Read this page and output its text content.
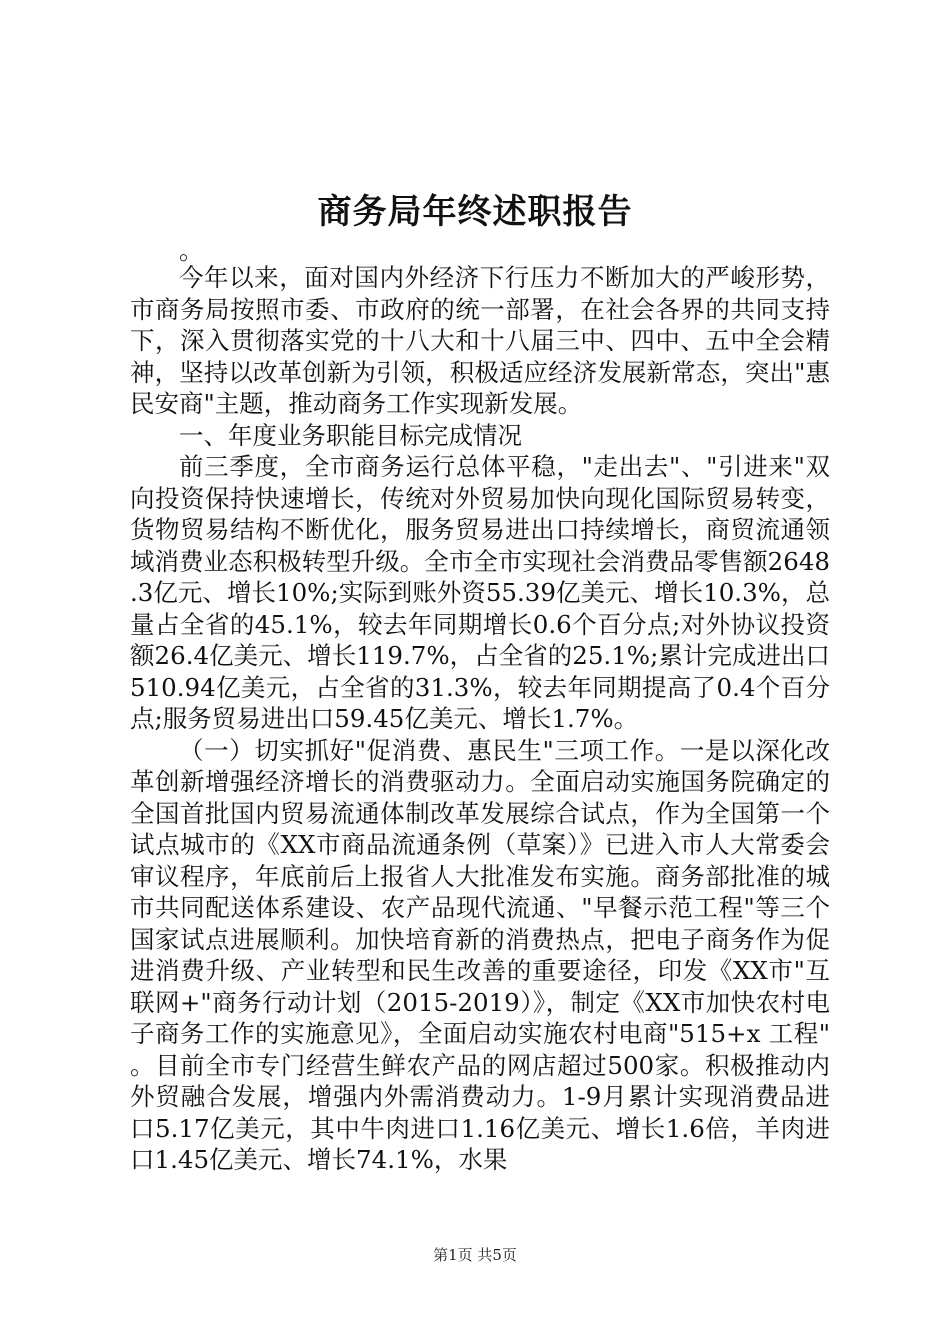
商务局年终述职报告

。

今年以来，面对国内外经济下行压力不断加大的严峻形势，市商务局按照市委、市政府的统一部署，在社会各界的共同支持下，深入贯彻落实党的十八大和十八届三中、四中、五中全会精神，坚持以改革创新为引领，积极适应经济发展新常态，突出"惠民安商"主题，推动商务工作实现新发展。

一、年度业务职能目标完成情况

前三季度，全市商务运行总体平稳，"走出去"、"引进来"双向投资保持快速增长，传统对外贸易加快向现化国际贸易转变，货物贸易结构不断优化，服务贸易进出口持续增长，商贸流通领域消费业态积极转型升级。全市全市实现社会消费品零售额2648.3亿元、增长10%;实际到账外资55.39亿美元、增长10.3%，总量占全省的45.1%，较去年同期增长0.6个百分点;对外协议投资额26.4亿美元、增长119.7%，占全省的25.1%;累计完成进出口510.94亿美元，占全省的31.3%，较去年同期提高了0.4个百分点;服务贸易进出口59.45亿美元、增长1.7%。

（一）切实抓好"促消费、惠民生"三项工作。一是以深化改革创新增强经济增长的消费驱动力。全面启动实施国务院确定的全国首批国内贸易流通体制改革发展综合试点，作为全国第一个试点城市的《XX市商品流通条例（草案）》已进入市人大常委会审议程序，年底前后上报省人大批准发布实施。商务部批准的城市共同配送体系建设、农产品现代流通、"早餐示范工程"等三个国家试点进展顺利。加快培育新的消费热点，把电子商务作为促进消费升级、产业转型和民生改善的重要途径，印发《XX市"互联网+"商务行动计划（2015-2019）》，制定《XX市加快农村电子商务工作的实施意见》，全面启动实施农村电商"515+x 工程"。目前全市专门经营生鲜农产品的网店超过500家。积极推动内外贸融合发展，增强内外需消费动力。1-9月累计实现消费品进口5.17亿美元，其中牛肉进口1.16亿美元、增长1.6倍，羊肉进口1.45亿美元、增长74.1%，水果

第1页 共5页
